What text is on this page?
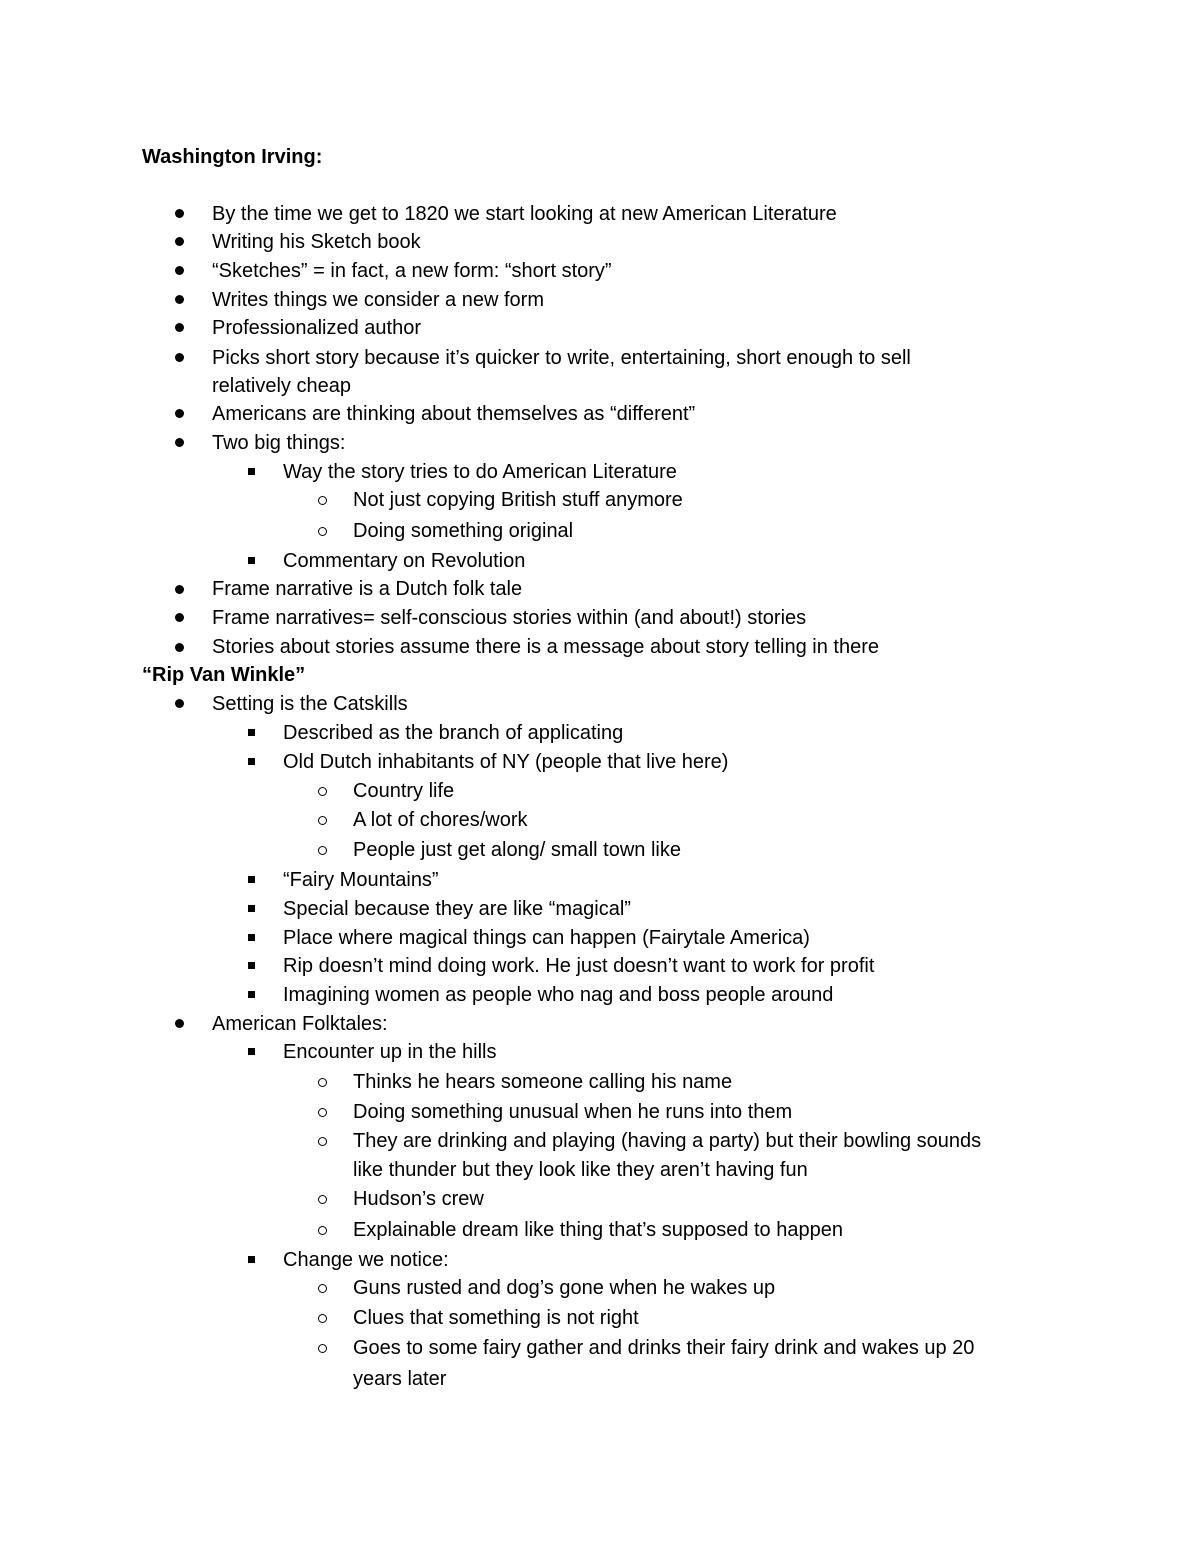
Washington Irving:
By the time we get to 1820 we start looking at new American Literature
Writing his Sketch book
“Sketches” = in fact, a new form: “short story”
Writes things we consider a new form
Professionalized author
Picks short story because it’s quicker to write, entertaining, short enough to sell
relatively cheap
Americans are thinking about themselves as “different”
Two big things:
Way the story tries to do American Literature
Not just copying British stuff anymore
Doing something original
Commentary on Revolution
Frame narrative is a Dutch folk tale
Frame narratives= self-conscious stories within (and about!) stories
Stories about stories assume there is a message about story telling in there
“Rip Van Winkle”
Setting is the Catskills
Described as the branch of applicating
Old Dutch inhabitants of NY (people that live here)
Country life
A lot of chores/work
People just get along/ small town like
“Fairy Mountains”
Special because they are like “magical”
Place where magical things can happen (Fairytale America)
Rip doesn’t mind doing work. He just doesn’t want to work for profit
Imagining women as people who nag and boss people around
American Folktales:
Encounter up in the hills
Thinks he hears someone calling his name
Doing something unusual when he runs into them
They are drinking and playing (having a party) but their bowling sounds
like thunder but they look like they aren’t having fun
Hudson’s crew
Explainable dream like thing that’s supposed to happen
Change we notice:
Guns rusted and dog’s gone when he wakes up
Clues that something is not right
Goes to some fairy gather and drinks their fairy drink and wakes up 20
years later
